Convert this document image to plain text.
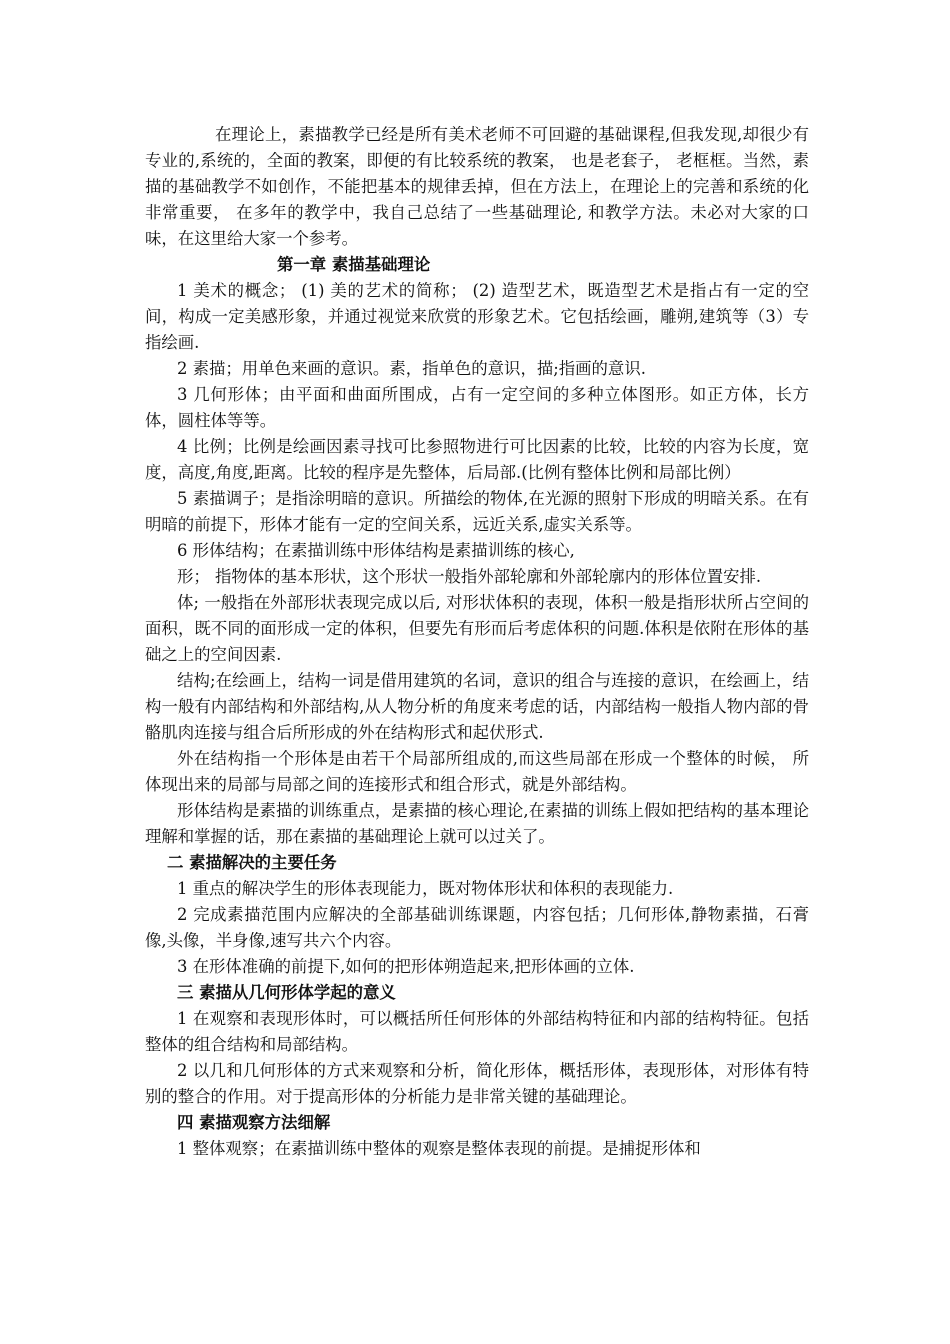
在理论上，素描教学已经是所有美术老师不可回避的基础课程,但我发现,却很少有专业的,系统的，全面的教案，即便的有比较系统的教案， 也是老套子， 老框框。当然，素描的基础教学不如创作，不能把基本的规律丢掉，但在方法上，在理论上的完善和系统的化非常重要， 在多年的教学中，我自己总结了一些基础理论, 和教学方法。未必对大家的口味，在这里给大家一个参考。

第一章 素描基础理论

1 美术的概念； (1) 美的艺术的简称； (2) 造型艺术，既造型艺术是指占有一定的空间，构成一定美感形象，并通过视觉来欣赏的形象艺术。它包括绘画，雕朔,建筑等（3）专指绘画.

2 素描；用单色来画的意识。素，指单色的意识，描;指画的意识.

3 几何形体；由平面和曲面所围成，占有一定空间的多种立体图形。如正方体，长方体，圆柱体等等。

4 比例；比例是绘画因素寻找可比参照物进行可比因素的比较，比较的内容为长度，宽度，高度,角度,距离。比较的程序是先整体，后局部.(比例有整体比例和局部比例）

5 素描调子；是指涂明暗的意识。所描绘的物体,在光源的照射下形成的明暗关系。在有明暗的前提下，形体才能有一定的空间关系，远近关系,虚实关系等。

6 形体结构；在素描训练中形体结构是素描训练的核心,

形； 指物体的基本形状，这个形状一般指外部轮廓和外部轮廓内的形体位置安排.

体; 一般指在外部形状表现完成以后, 对形状体积的表现，体积一般是指形状所占空间的面积，既不同的面形成一定的体积，但要先有形而后考虑体积的问题.体积是依附在形体的基础之上的空间因素.

结构;在绘画上，结构一词是借用建筑的名词，意识的组合与连接的意识，在绘画上，结构一般有内部结构和外部结构,从人物分析的角度来考虑的话，内部结构一般指人物内部的骨骼肌肉连接与组合后所形成的外在结构形式和起伏形式.

外在结构指一个形体是由若干个局部所组成的,而这些局部在形成一个整体的时候， 所体现出来的局部与局部之间的连接形式和组合形式，就是外部结构。

形体结构是素描的训练重点，是素描的核心理论,在素描的训练上假如把结构的基本理论理解和掌握的话，那在素描的基础理论上就可以过关了。

二 素描解决的主要任务

1 重点的解决学生的形体表现能力，既对物体形状和体积的表现能力.

2 完成素描范围内应解决的全部基础训练课题，内容包括；几何形体,静物素描，石膏像,头像，半身像,速写共六个内容。

3 在形体准确的前提下,如何的把形体朔造起来,把形体画的立体.

三 素描从几何形体学起的意义

1 在观察和表现形体时，可以概括所任何形体的外部结构特征和内部的结构特征。包括整体的组合结构和局部结构。

2 以几和几何形体的方式来观察和分析，简化形体，概括形体，表现形体，对形体有特别的整合的作用。对于提高形体的分析能力是非常关键的基础理论。

四 素描观察方法细解

1 整体观察；在素描训练中整体的观察是整体表现的前提。是捕捉形体和
